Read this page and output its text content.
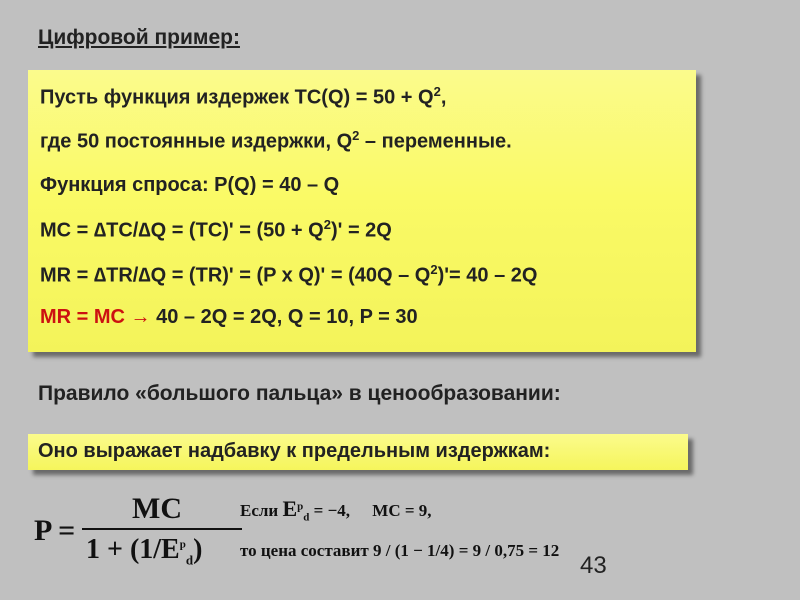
Цифровой пример:
Пусть функция издержек $TC(Q) = 50 + Q^2$,
где 50 постоянные издержки, $Q^2$ – переменные.
Функция спроса: P(Q) = 40 – Q
MC = $\Delta TC/\Delta Q = (TC)' = (50 + Q^2)' = 2Q$
MR = ∆TR/∆Q = (TR)' = (P x $Q)' = (40Q - Q^2)'= 40 - 2Q$
MR = MC → 40 – 2Q = 2Q, Q = 10, P = 30
Правило «большого пальца» в ценообразовании:
Оно выражает надбавку к предельным издержкам:
P =
MC
$1 + (1/E^p_d)$
Если $E^p_d = -4$, MC = 9,
то цена составит 9 / (1 − 1/4) = 9 / 0,75 = 12
43
